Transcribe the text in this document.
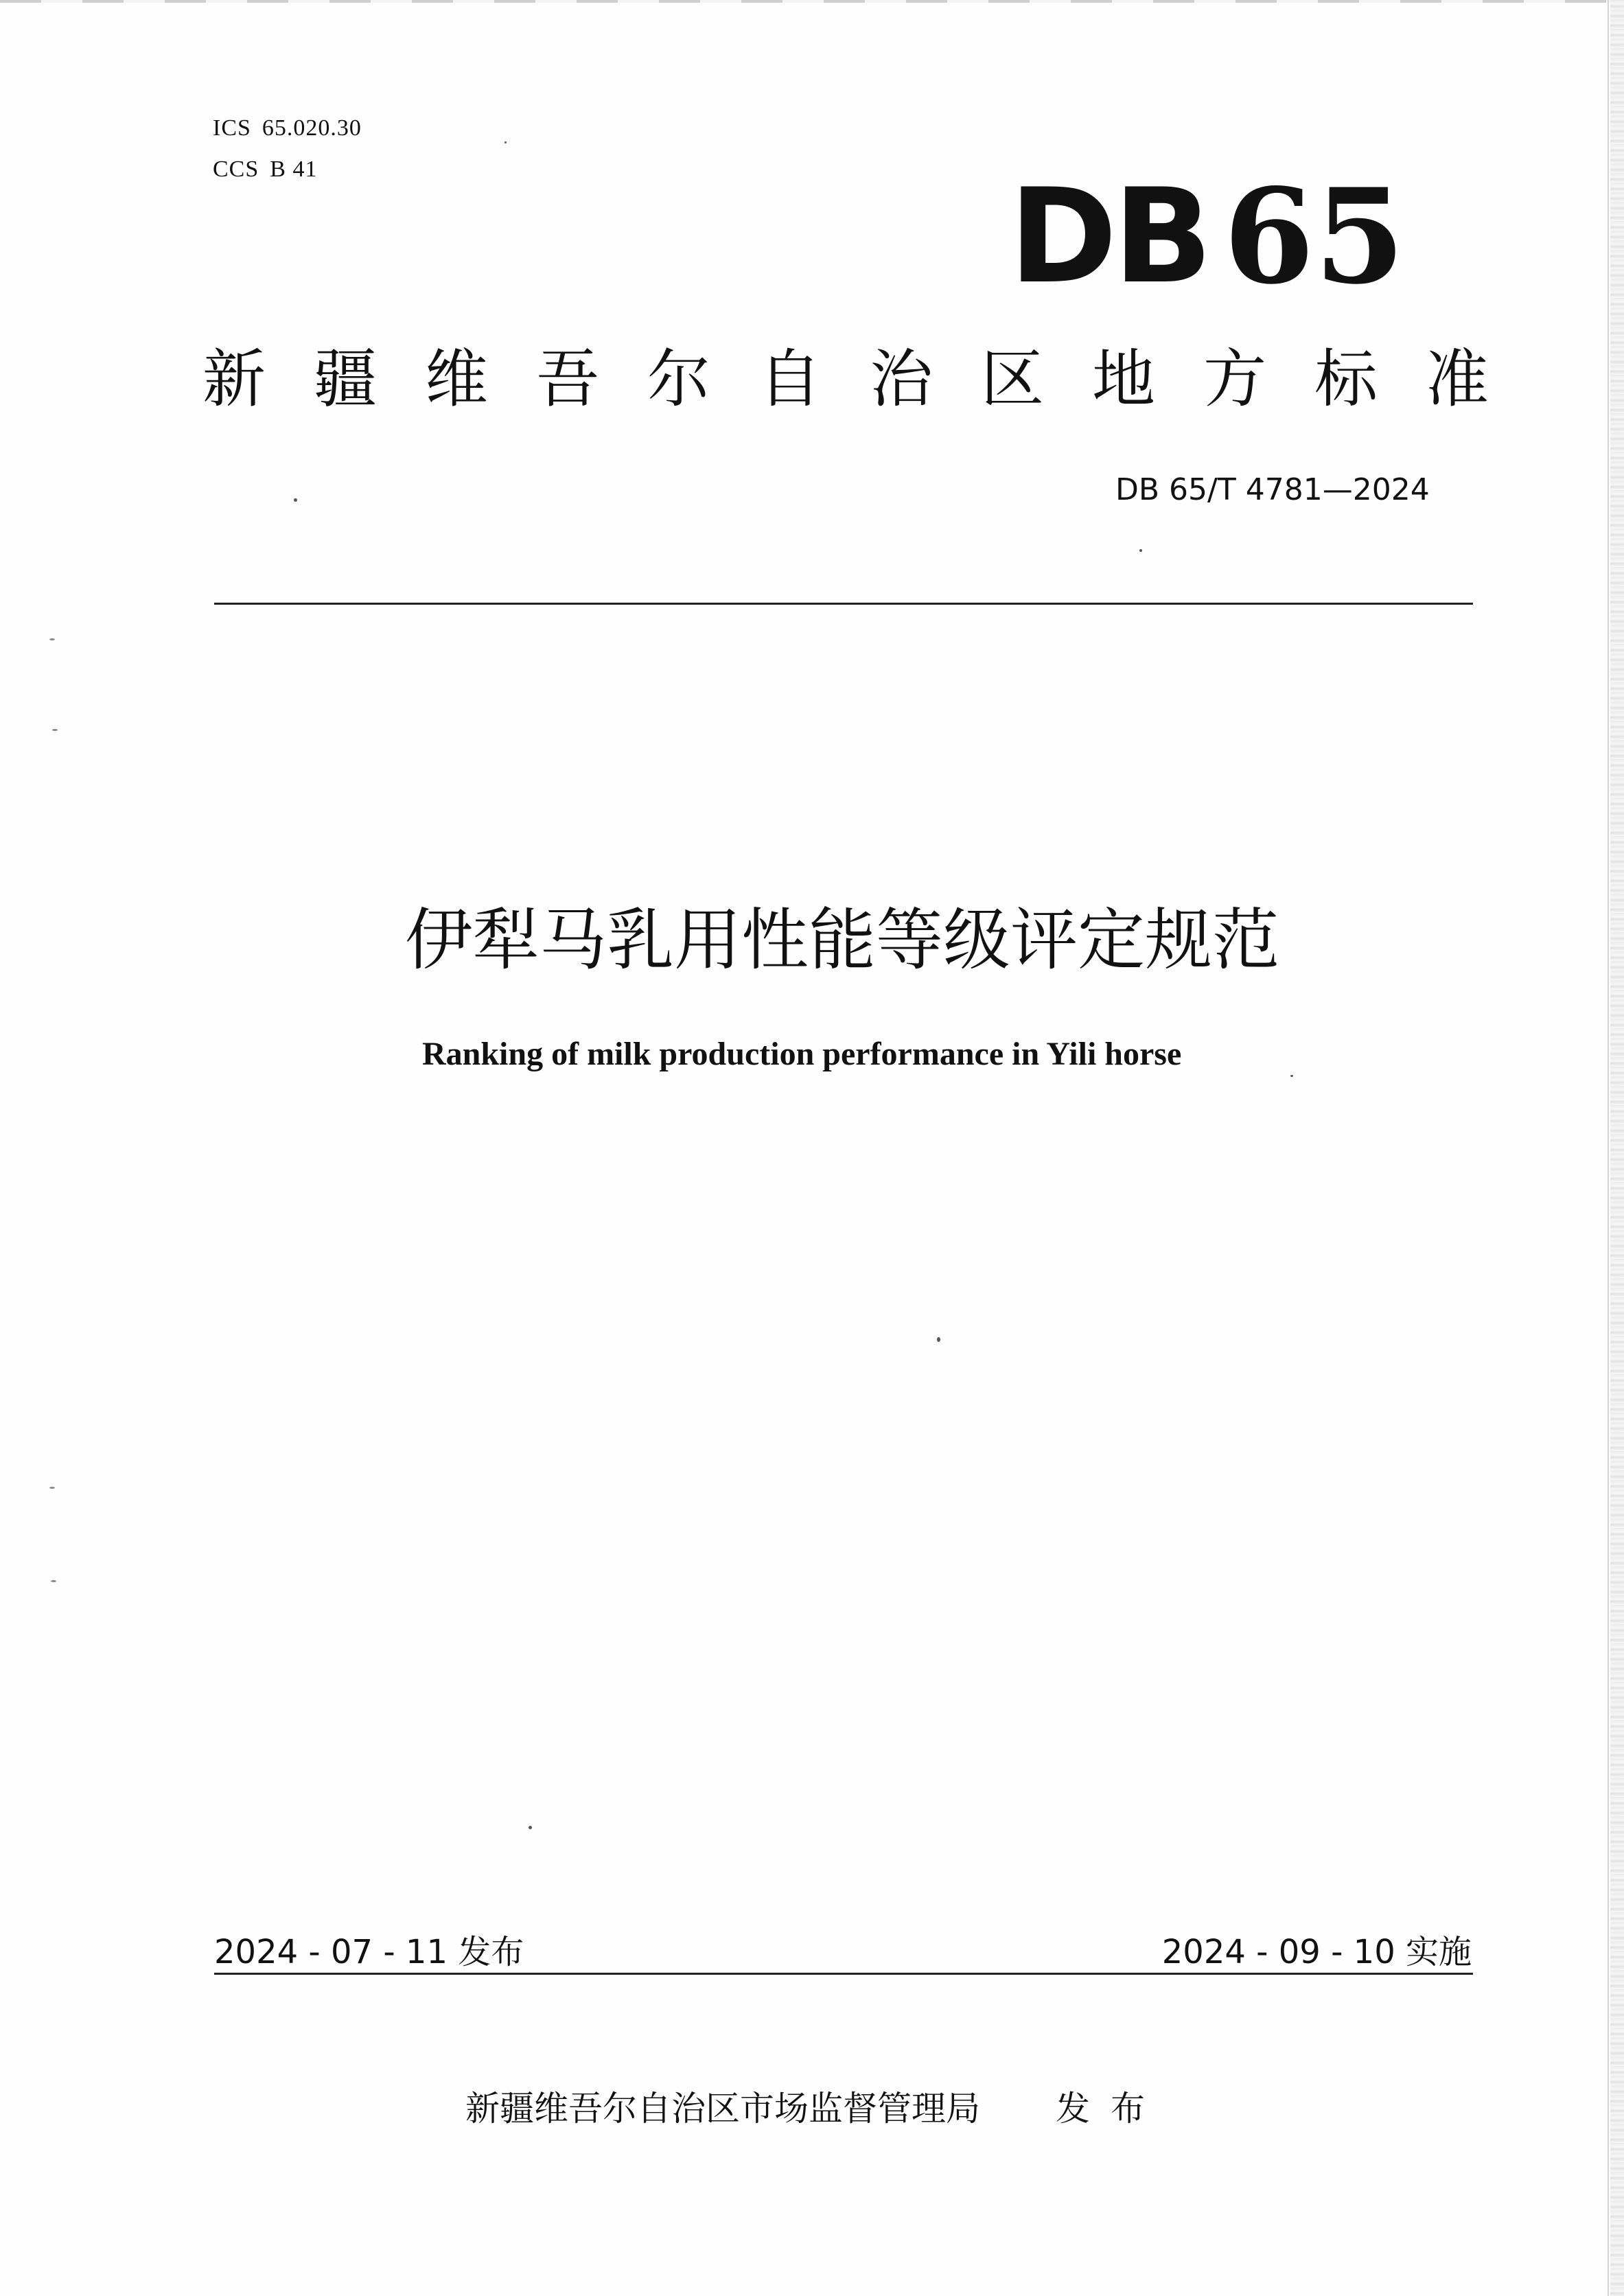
ICS 65.020.30
CCS B 41	DB 65
新疆维吾尔自治区地方标准
DB 65/T 4781—2024
伊犁马乳用性能等级评定规范
Ranking of milk production performance in Yili horse
2024 - 07 - 11 发布	2024 - 09 - 10 实施
新疆维吾尔自治区市场监督管理局 发布
